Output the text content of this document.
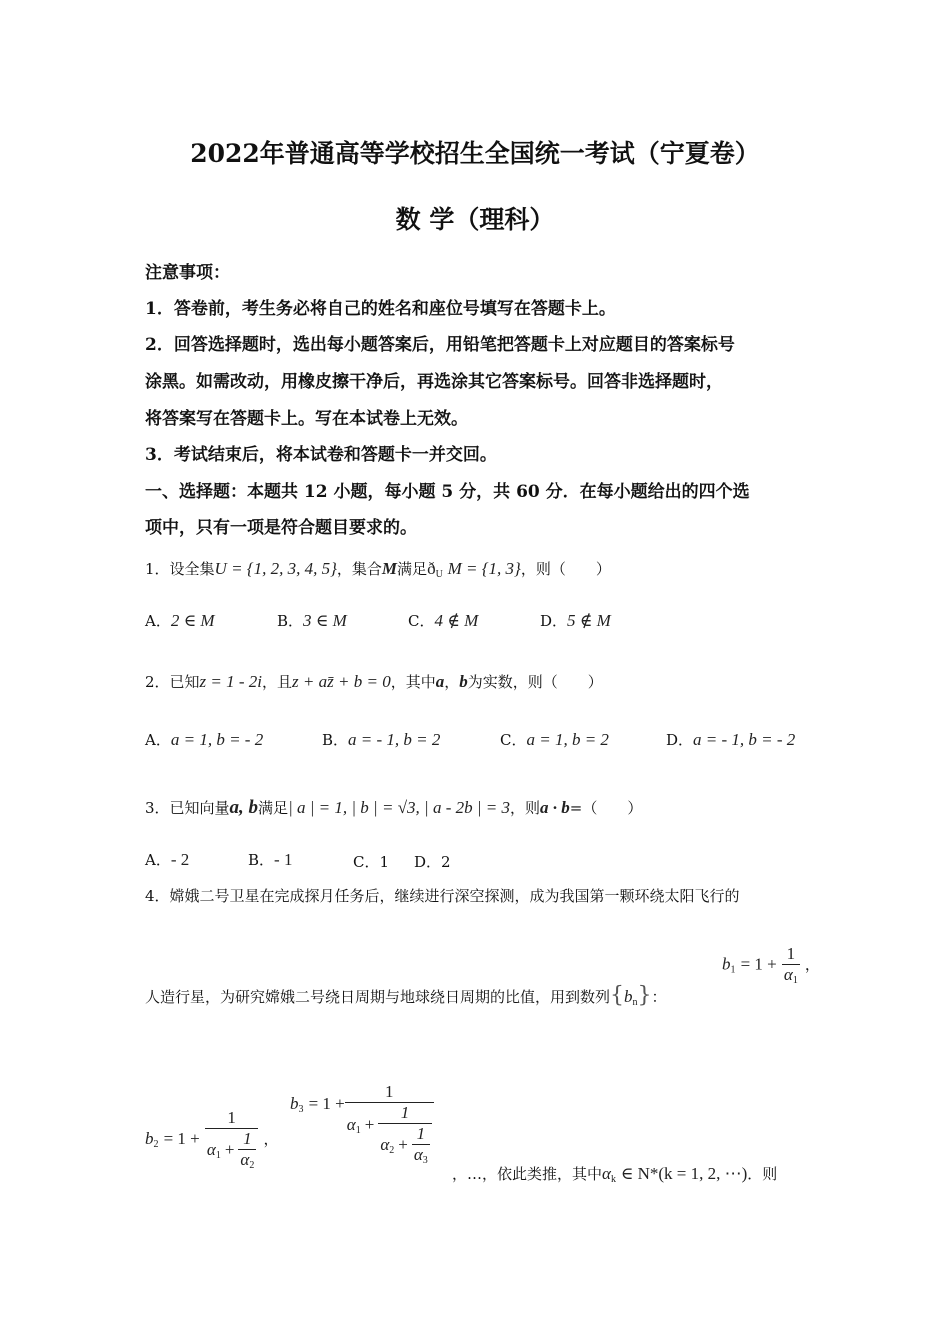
2022年普通高等学校招生全国统一考试（宁夏卷）
数 学（理科）
注意事项：
1．答卷前，考生务必将自己的姓名和座位号填写在答题卡上。
2．回答选择题时，选出每小题答案后，用铅笔把答题卡上对应题目的答案标号
涂黑。如需改动，用橡皮擦干净后，再选涂其它答案标号。回答非选择题时，
将答案写在答题卡上。写在本试卷上无效。
3．考试结束后，将本试卷和答题卡一并交回。
一、选择题：本题共 12 小题，每小题 5 分，共 60 分．在每小题给出的四个选
项中，只有一项是符合题目要求的。
1．设全集U = {1, 2, 3, 4, 5}，集合M满足$ð_U$ M = {1, 3}，则（　　）
A．2 ∈ M	B．3 ∈ M	C．4 ∉ M	D．5 ∉ M
2．已知z = 1 - 2i，且z + az̄ + b = 0，其中a，b为实数，则（　　）
A．a = 1, b = - 2	B．a = - 1, b = 2	C．a = 1, b = 2	D．a = - 1, b = - 2
3．已知向量a, b满足| a | = 1, | b | = √3, | a - 2b | = 3，则a · b=（　　）
A．- 2	B．- 1	C．1 D．2
4．嫦娥二号卫星在完成探月任务后，继续进行深空探测，成为我国第一颗环绕太阳飞行的
人造行星，为研究嫦娥二号绕日周期与地球绕日周期的比值，用到数列$\{b_n\}$：
$b_1 = 1 + \frac{1}{\alpha_1}$ ，
$b_2 = 1 + \frac{1}{\alpha_1 + \frac{1}{\alpha_2}}$ ，
$b_3 = 1$ +
1
$\alpha_1$ +
1
$\alpha_2 + \frac{1}{\alpha_3}$
，…，依此类推，其中$\alpha_k$ ∈ N*(k = 1, 2, ⋯)．则
